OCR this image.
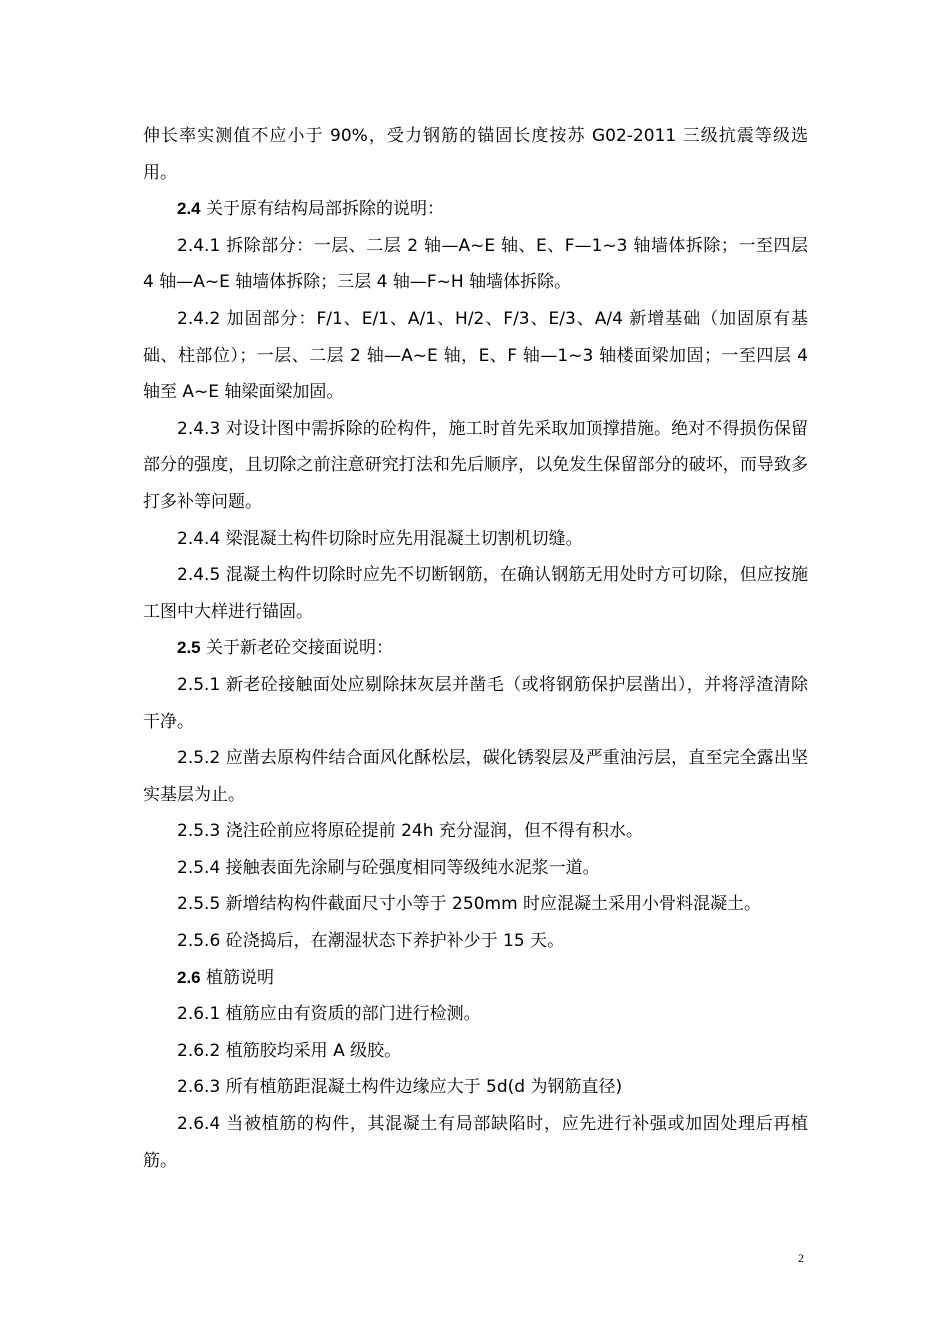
伸长率实测值不应小于 90%，受力钢筋的锚固长度按苏 G02-2011 三级抗震等级选用。

2.4 关于原有结构局部拆除的说明：

2.4.1 拆除部分：一层、二层 2 轴—A~E 轴、E、F—1~3 轴墙体拆除；一至四层 4 轴—A~E 轴墙体拆除；三层 4 轴—F~H 轴墙体拆除。

2.4.2 加固部分：F/1、E/1、A/1、H/2、F/3、E/3、A/4 新增基础（加固原有基础、柱部位）；一层、二层 2 轴—A~E 轴，E、F 轴—1~3 轴楼面梁加固；一至四层 4 轴至 A~E 轴梁面梁加固。

2.4.3 对设计图中需拆除的砼构件，施工时首先采取加顶撑措施。绝对不得损伤保留部分的强度，且切除之前注意研究打法和先后顺序，以免发生保留部分的破坏，而导致多打多补等问题。

2.4.4 梁混凝土构件切除时应先用混凝土切割机切缝。

2.4.5 混凝土构件切除时应先不切断钢筋，在确认钢筋无用处时方可切除，但应按施工图中大样进行锚固。

2.5 关于新老砼交接面说明：

2.5.1 新老砼接触面处应剔除抹灰层并凿毛（或将钢筋保护层凿出），并将浮渣清除干净。

2.5.2 应凿去原构件结合面风化酥松层，碳化锈裂层及严重油污层，直至完全露出坚实基层为止。

2.5.3 浇注砼前应将原砼提前 24h 充分湿润，但不得有积水。

2.5.4 接触表面先涂刷与砼强度相同等级纯水泥浆一道。

2.5.5 新增结构构件截面尺寸小等于 250mm 时应混凝土采用小骨料混凝土。

2.5.6 砼浇捣后，在潮湿状态下养护补少于 15 天。

2.6 植筋说明

2.6.1 植筋应由有资质的部门进行检测。

2.6.2 植筋胶均采用 A 级胶。

2.6.3 所有植筋距混凝土构件边缘应大于 5d(d 为钢筋直径)

2.6.4 当被植筋的构件，其混凝土有局部缺陷时，应先进行补强或加固处理后再植筋。

2
